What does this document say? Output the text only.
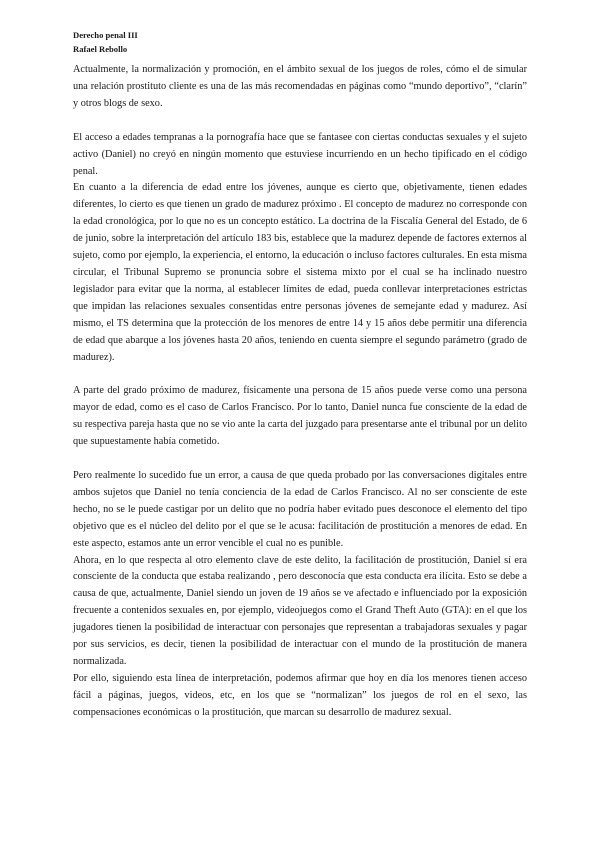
Derecho penal III
Rafael Rebollo

Actualmente, la normalización y promoción, en el ámbito sexual de los juegos de roles, cómo el de simular una relación prostituto cliente es una de las más recomendadas en páginas como “mundo deportivo”, “clarín” y otros blogs de sexo.

El acceso a edades tempranas a la pornografía hace que se fantasee con ciertas conductas sexuales y el sujeto activo (Daniel) no creyó en ningún momento que estuviese incurriendo en un hecho tipificado en el código penal.

En cuanto a la diferencia de edad entre los jóvenes, aunque es cierto que, objetivamente, tienen edades diferentes, lo cierto es que tienen un grado de madurez próximo . El concepto de madurez no corresponde con la edad cronológica, por lo que no es un concepto estático. La doctrina de la Fiscalía General del Estado, de 6 de junio, sobre la interpretación del artículo 183 bis, establece que la madurez depende de factores externos al sujeto, como por ejemplo, la experiencia, el entorno, la educación o incluso factores culturales. En esta misma circular, el Tribunal Supremo se pronuncia sobre el sistema mixto por el cual se ha inclinado nuestro legislador para evitar que la norma, al establecer límites de edad, pueda conllevar interpretaciones estrictas que impidan las relaciones sexuales consentidas entre personas jóvenes de semejante edad y madurez. Así mismo, el TS determina que la protección de los menores de entre 14 y 15 años debe permitir una diferencia de edad que abarque a los jóvenes hasta 20 años, teniendo en cuenta siempre el segundo parámetro (grado de madurez).

A parte del grado próximo de madurez, físicamente una persona de 15 años puede verse como una persona mayor de edad, como es el caso de Carlos Francisco. Por lo tanto, Daniel nunca fue consciente de la edad de su respectiva pareja hasta que no se vio ante la carta del juzgado para presentarse ante el tribunal por un delito que supuestamente había cometido.

Pero realmente lo sucedido fue un error, a causa de que queda probado por las conversaciones digitales entre ambos sujetos que Daniel no tenía conciencia de la edad de Carlos Francisco. Al no ser consciente de este hecho, no se le puede castigar por un delito que no podría haber evitado pues desconoce el elemento del tipo objetivo que es el núcleo del delito por el que se le acusa: facilitación de prostitución a menores de edad. En este aspecto, estamos ante un error vencible el cual no es punible.

Ahora, en lo que respecta al otro elemento clave de este delito, la facilitación de prostitución, Daniel sí era consciente de la conducta que estaba realizando , pero desconocía que esta conducta era ilícita. Esto se debe a causa de que, actualmente, Daniel siendo un joven de 19 años se ve afectado e influenciado por la exposición frecuente a contenidos sexuales en, por ejemplo, videojuegos como el Grand Theft Auto (GTA): en el que los jugadores tienen la posibilidad de interactuar con personajes que representan a trabajadoras sexuales y pagar por sus servicios, es decir, tienen la posibilidad de interactuar con el mundo de la prostitución de manera normalizada.

Por ello, siguiendo esta línea de interpretación, podemos afirmar que hoy en día los menores tienen acceso fácil a páginas, juegos, videos, etc, en los que se “normalizan” los juegos de rol en el sexo, las compensaciones económicas o la prostitución, que marcan su desarrollo de madurez sexual.
